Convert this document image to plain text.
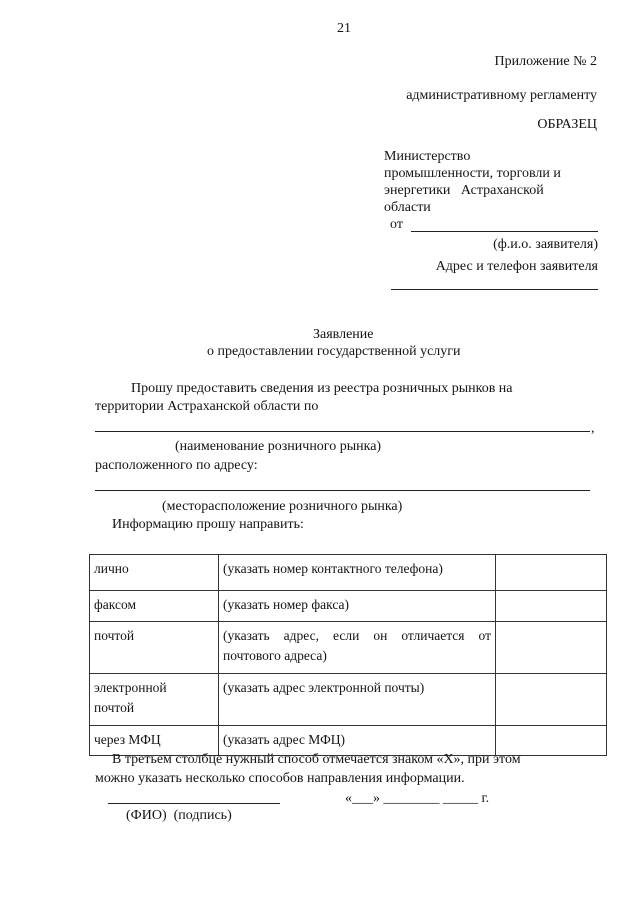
21
Приложение № 2
административному регламенту
ОБРАЗЕЦ
Министерство
промышленности, торговли и
энергетики   Астраханской
области
от
(ф.и.о. заявителя)
Адрес и телефон заявителя
Заявление
о предоставлении государственной услуги
Прошу предоставить сведения из реестра розничных рынков на
территории Астраханской области по
,
(наименование розничного рынка)
расположенного по адресу:
(месторасположение розничного рынка)
Информацию прошу направить:
лично	(указать номер контактного телефона)	
факсом	(указать номер факса)	
почтой	(указать адрес, если он отличается от почтового адреса)	
электронной почтой	(указать адрес электронной почты)	
через МФЦ	(указать адрес МФЦ)	
В третьем столбце нужный способ отмечается знаком «X», при этом
можно указать несколько способов направления информации.
«___» ________ _____ г.
(ФИО)  (подпись)
